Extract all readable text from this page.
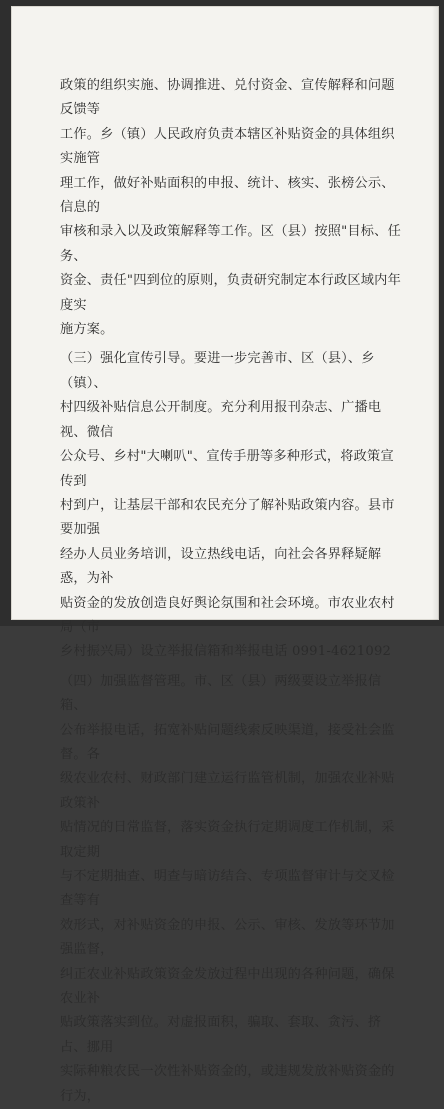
政策的组织实施、协调推进、兑付资金、宣传解释和问题反馈等
工作。乡（镇）人民政府负责本辖区补贴资金的具体组织实施管
理工作，做好补贴面积的申报、统计、核实、张榜公示、信息的
审核和录入以及政策解释等工作。区（县）按照"目标、任务、
资金、责任"四到位的原则，负责研究制定本行政区域内年度实
施方案。

（三）强化宣传引导。要进一步完善市、区（县）、乡（镇）、
村四级补贴信息公开制度。充分利用报刊杂志、广播电视、微信
公众号、乡村"大喇叭"、宣传手册等多种形式，将政策宣传到
村到户，让基层干部和农民充分了解补贴政策内容。县市要加强
经办人员业务培训，设立热线电话，向社会各界释疑解惑，为补
贴资金的发放创造良好舆论氛围和社会环境。市农业农村局（市
乡村振兴局）设立举报信箱和举报电话 0991-4621092

（四）加强监督管理。市、区（县）两级要设立举报信箱、
公布举报电话，拓宽补贴问题线索反映渠道，接受社会监督。各
级农业农村、财政部门建立运行监管机制，加强农业补贴政策补
贴情况的日常监督，落实资金执行定期调度工作机制，采取定期
与不定期抽查、明查与暗访结合、专项监督审计与交叉检查等有
效形式，对补贴资金的申报、公示、审核、发放等环节加强监督，
纠正农业补贴政策资金发放过程中出现的各种问题，确保农业补
贴政策落实到位。对虚报面积，骗取、套取、贪污、挤占、挪用
实际种粮农民一次性补贴资金的，或违规发放补贴资金的行为，
